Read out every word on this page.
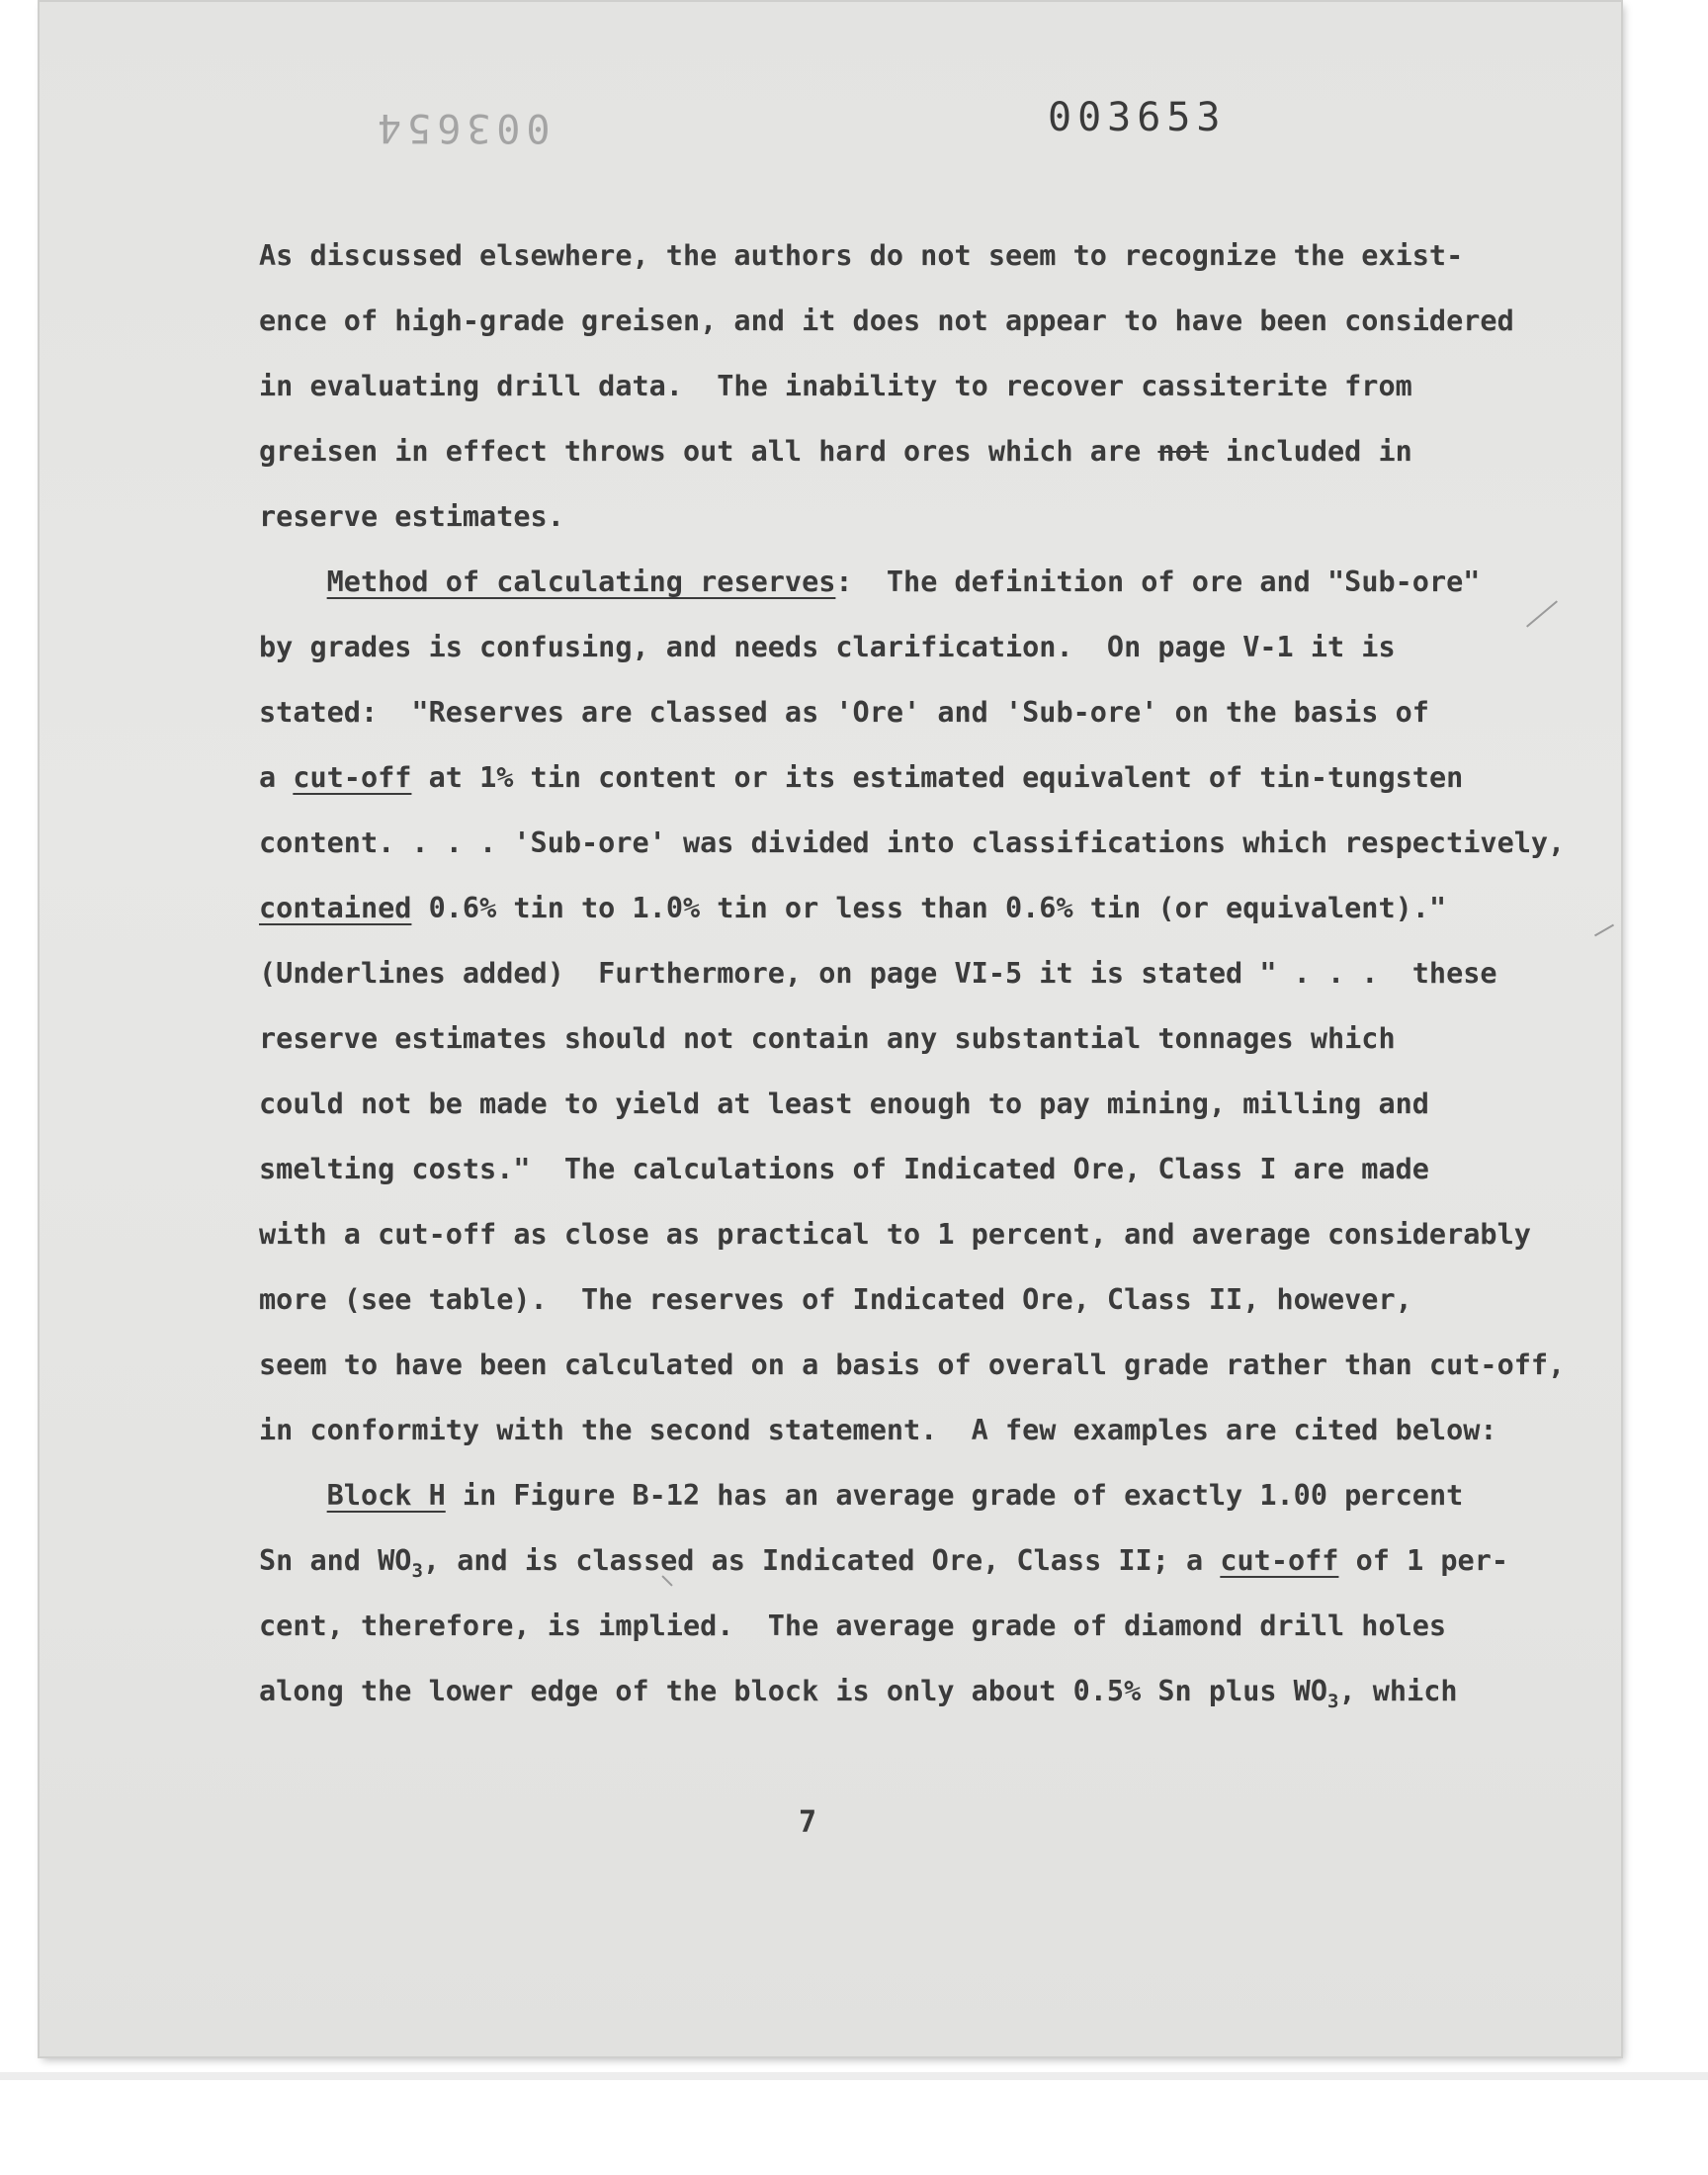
003654	003653
As discussed elsewhere, the authors do not seem to recognize the exist-
ence of high-grade greisen, and it does not appear to have been considered
in evaluating drill data.  The inability to recover cassiterite from
greisen in effect throws out all hard ores which are not included in
reserve estimates.
Method of calculating reserves:  The definition of ore and "Sub-ore"
by grades is confusing, and needs clarification.  On page V-1 it is
stated:  "Reserves are classed as 'Ore' and 'Sub-ore' on the basis of
a cut-off at 1% tin content or its estimated equivalent of tin-tungsten
content. . . . 'Sub-ore' was divided into classifications which respectively,
contained 0.6% tin to 1.0% tin or less than 0.6% tin (or equivalent)."
(Underlines added)  Furthermore, on page VI-5 it is stated " . . .  these
reserve estimates should not contain any substantial tonnages which
could not be made to yield at least enough to pay mining, milling and
smelting costs."  The calculations of Indicated Ore, Class I are made
with a cut-off as close as practical to 1 percent, and average considerably
more (see table).  The reserves of Indicated Ore, Class II, however,
seem to have been calculated on a basis of overall grade rather than cut-off,
in conformity with the second statement.  A few examples are cited below:
Block H in Figure B-12 has an average grade of exactly 1.00 percent
Sn and $WO_3$, and is classed as Indicated Ore, Class II; a cut-off of 1 per-
cent, therefore, is implied.  The average grade of diamond drill holes
along the lower edge of the block is only about 0.5% Sn plus $WO_3$, which
7
